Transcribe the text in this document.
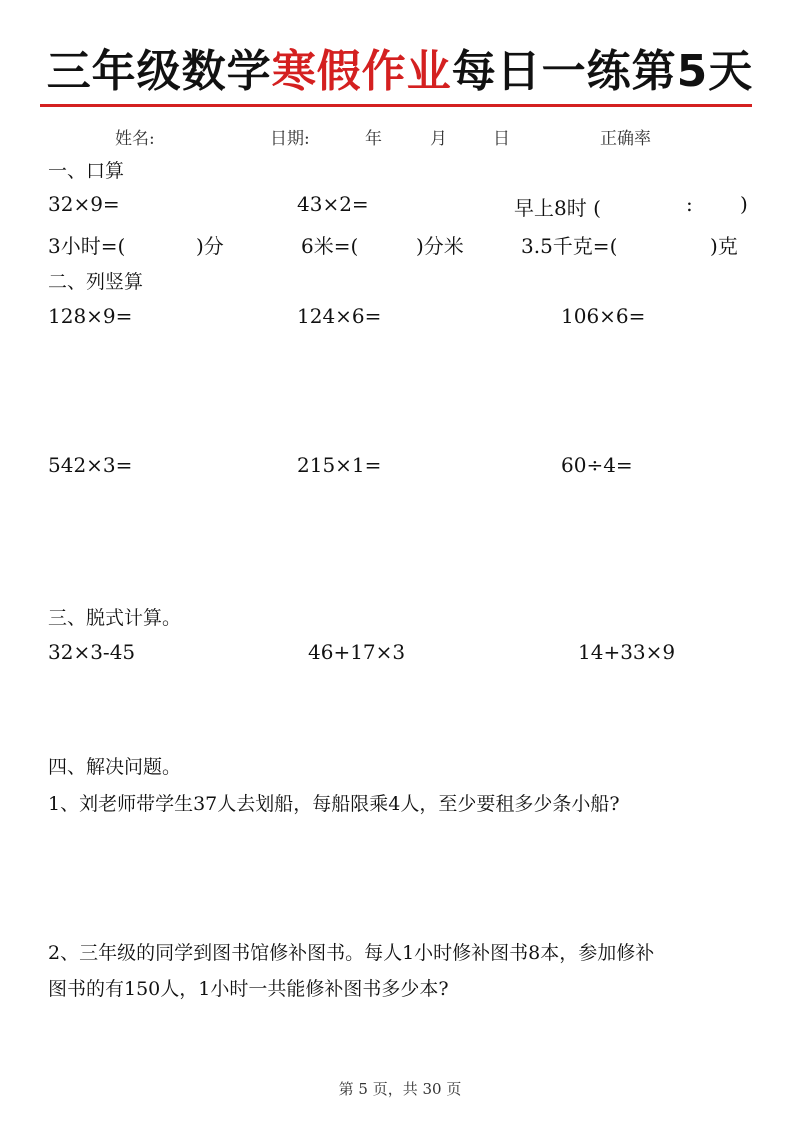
三年级数学寒假作业每日一练第5天
姓名:	日期:	年	月	日	正确率
一、口算
32×9=	43×2=	早上8时 (	: )
3小时=(	)分	6米=(	)分米	3.5千克=(	)克
二、列竖算
128×9=	124×6=	106×6=
542×3=	215×1=	60÷4=
三、脱式计算。
32×3-45	46+17×3	14+33×9
四、解决问题。
1、刘老师带学生37人去划船，每船限乘4人，至少要租多少条小船?
2、三年级的同学到图书馆修补图书。每人1小时修补图书8本，参加修补
图书的有150人，1小时一共能修补图书多少本?
第 5 页，共 30 页
